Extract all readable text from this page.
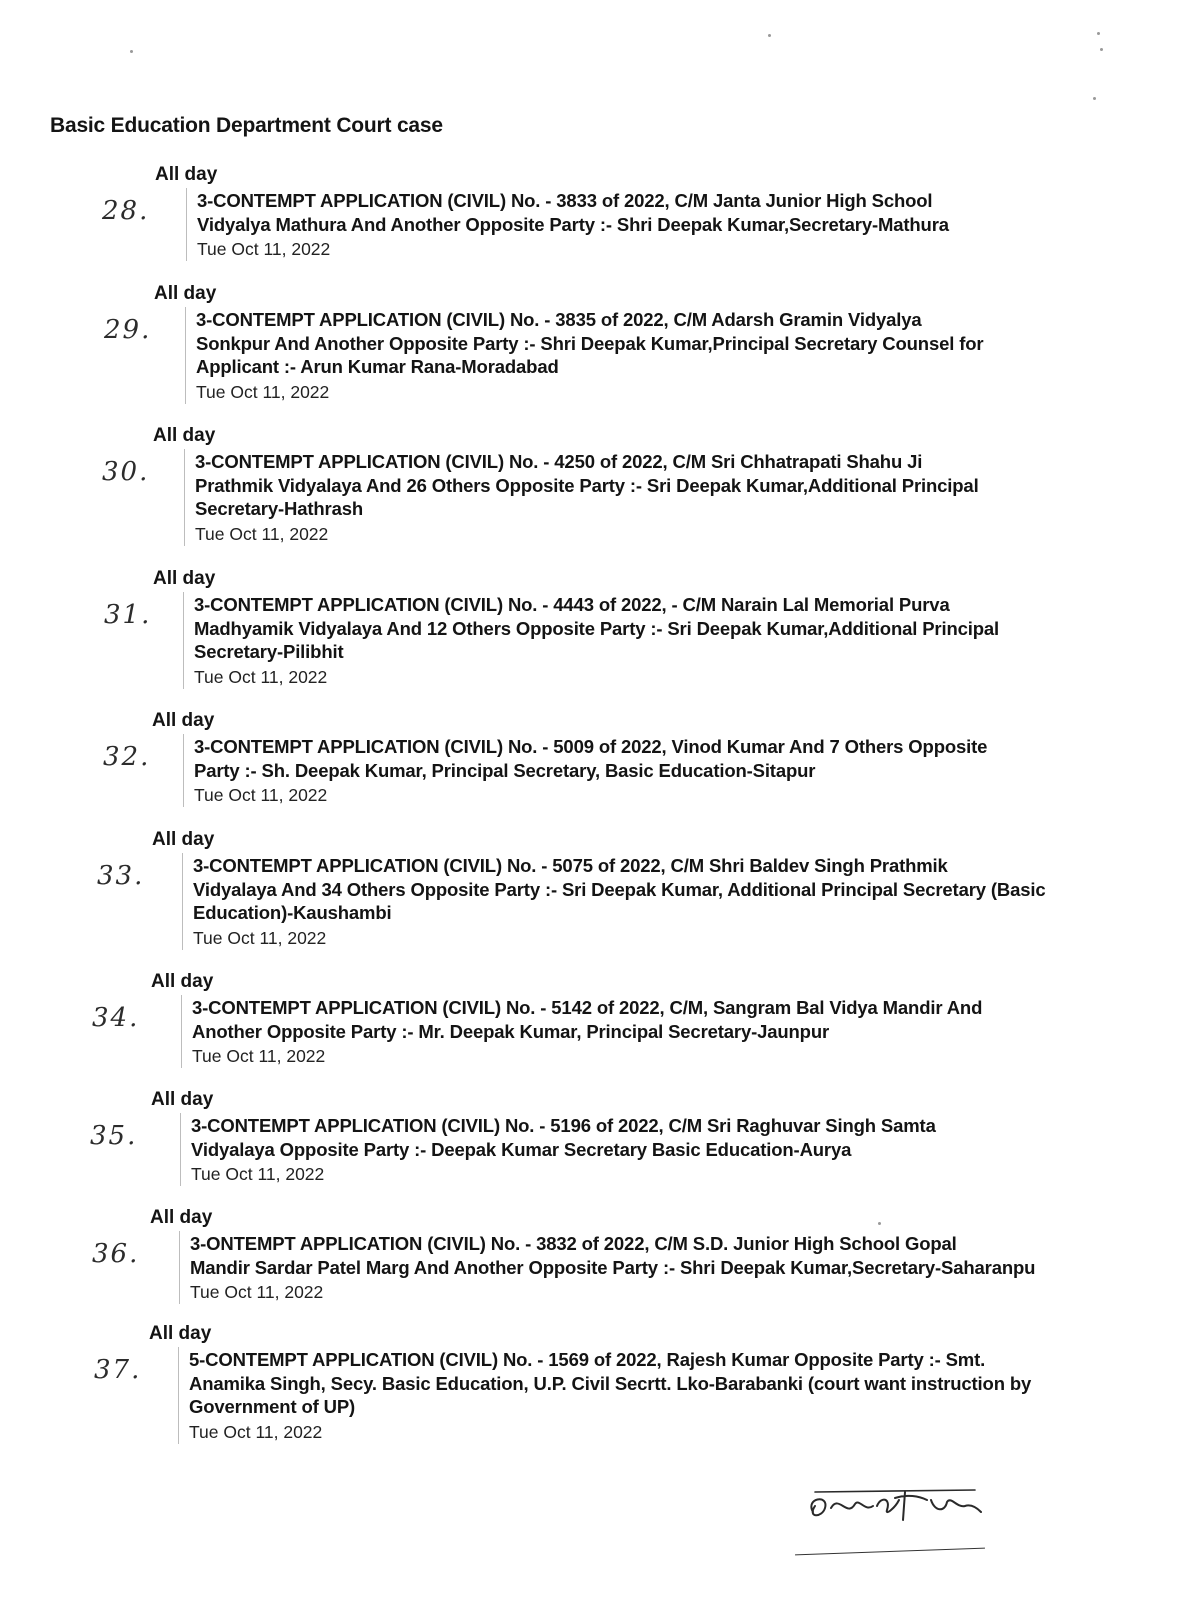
Basic Education Department Court case
All day
28.	3-CONTEMPT APPLICATION (CIVIL) No. - 3833 of 2022, C/M Janta Junior High School
Vidyalya Mathura And Another Opposite Party :- Shri Deepak Kumar,Secretary-Mathura
Tue Oct 11, 2022
All day
29. 3-CONTEMPT APPLICATION (CIVIL) No. - 3835 of 2022, C/M Adarsh Gramin Vidyalya
Sonkpur And Another Opposite Party :- Shri Deepak Kumar,Principal Secretary Counsel for
Applicant :- Arun Kumar Rana-Moradabad
Tue Oct 11, 2022
All day
30. 3-CONTEMPT APPLICATION (CIVIL) No. - 4250 of 2022, C/M Sri Chhatrapati Shahu Ji
Prathmik Vidyalaya And 26 Others Opposite Party :- Sri Deepak Kumar,Additional Principal
Secretary-Hathrash
Tue Oct 11, 2022
All day
31. 3-CONTEMPT APPLICATION (CIVIL) No. - 4443 of 2022, - C/M Narain Lal Memorial Purva
Madhyamik Vidyalaya And 12 Others Opposite Party :- Sri Deepak Kumar,Additional Principal
Secretary-Pilibhit
Tue Oct 11, 2022
All day
32. 3-CONTEMPT APPLICATION (CIVIL) No. - 5009 of 2022, Vinod Kumar And 7 Others Opposite
Party :- Sh. Deepak Kumar, Principal Secretary, Basic Education-Sitapur
Tue Oct 11, 2022
All day
33.	3-CONTEMPT APPLICATION (CIVIL) No. - 5075 of 2022, C/M Shri Baldev Singh Prathmik
Vidyalaya And 34 Others Opposite Party :- Sri Deepak Kumar, Additional Principal Secretary (Basic
Education)-Kaushambi
Tue Oct 11, 2022
All day
34.	3-CONTEMPT APPLICATION (CIVIL) No. - 5142 of 2022, C/M, Sangram Bal Vidya Mandir And
Another Opposite Party :- Mr. Deepak Kumar, Principal Secretary-Jaunpur
Tue Oct 11, 2022
All day
35.	3-CONTEMPT APPLICATION (CIVIL) No. - 5196 of 2022, C/M Sri Raghuvar Singh Samta
Vidyalaya Opposite Party :- Deepak Kumar Secretary Basic Education-Aurya
Tue Oct 11, 2022
All day
36.	3-ONTEMPT APPLICATION (CIVIL) No. - 3832 of 2022, C/M S.D. Junior High School Gopal
Mandir Sardar Patel Marg And Another Opposite Party :- Shri Deepak Kumar,Secretary-Saharanpu
Tue Oct 11, 2022
All day
37.	5-CONTEMPT APPLICATION (CIVIL) No. - 1569 of 2022, Rajesh Kumar Opposite Party :- Smt.
Anamika Singh, Secy. Basic Education, U.P. Civil Secrtt. Lko-Barabanki (court want instruction by
Government of UP)
Tue Oct 11, 2022
